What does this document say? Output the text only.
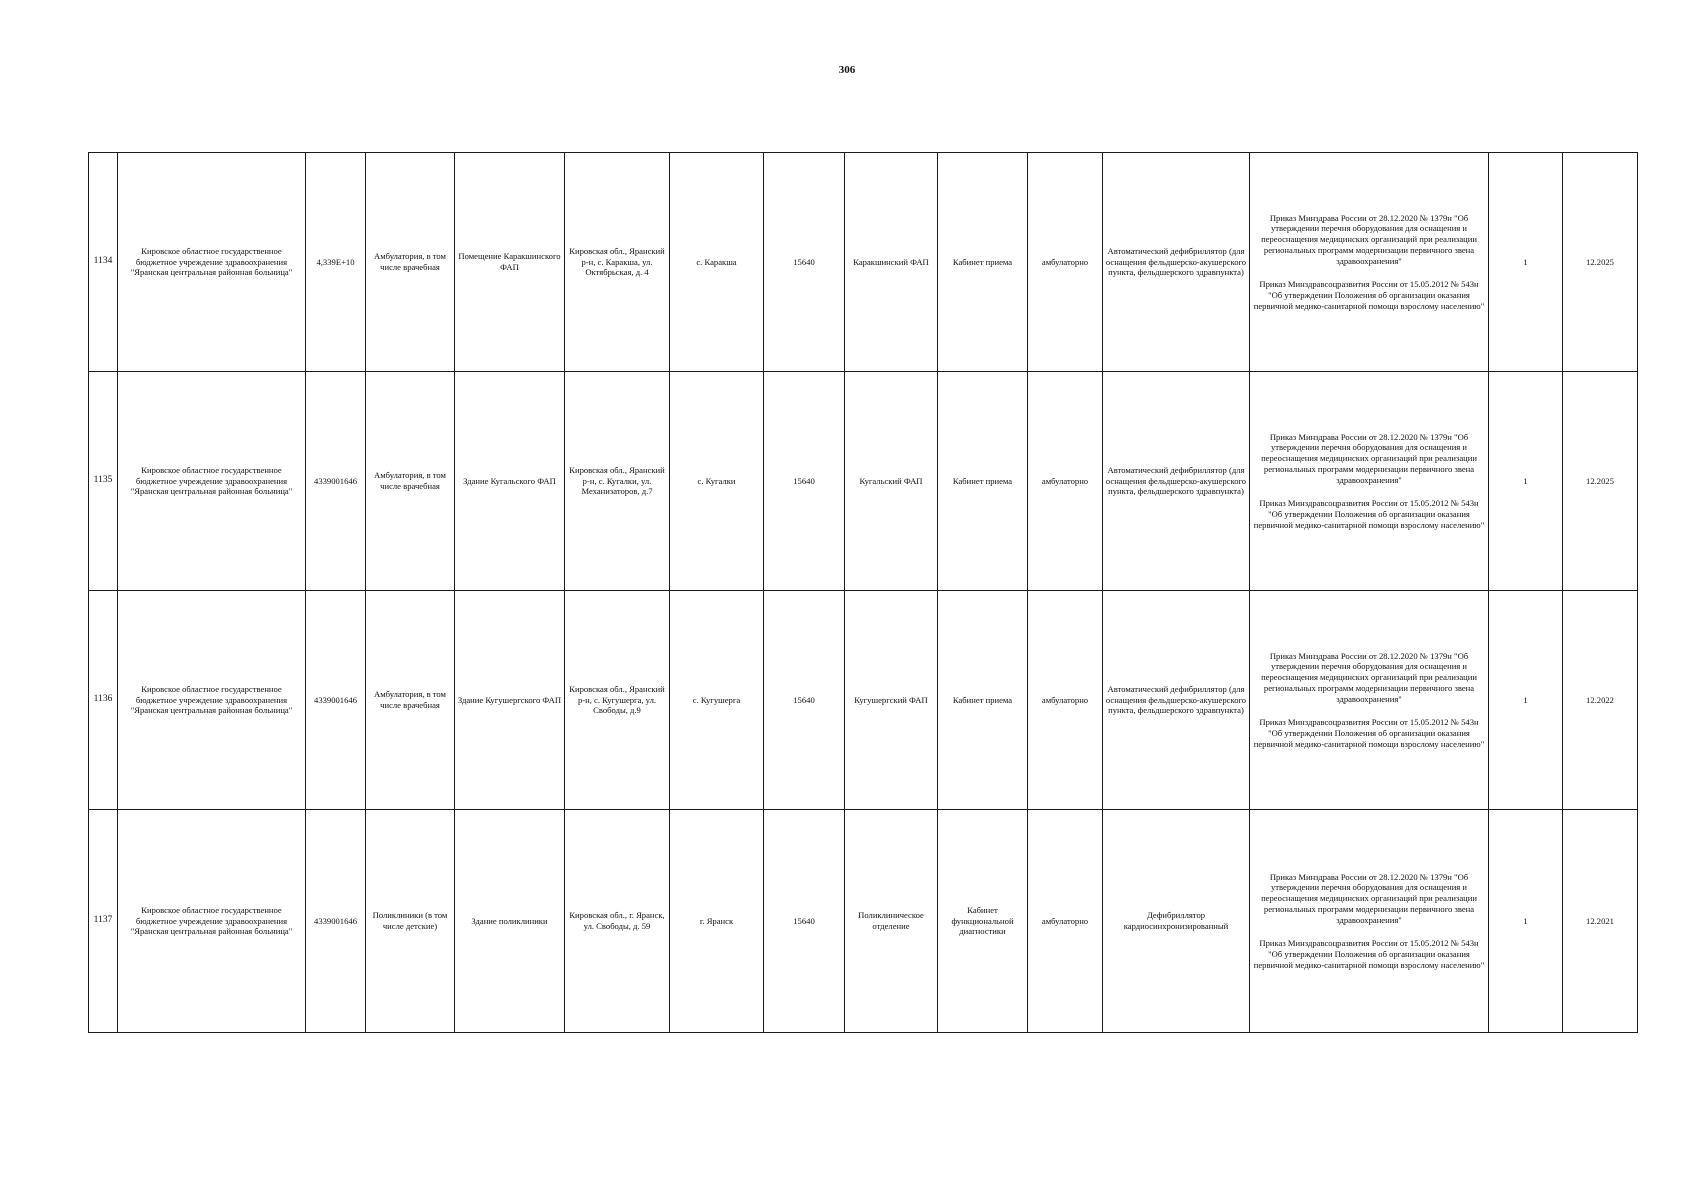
306
1134	Кировское областное государственное бюджетное учреждение здравоохранения "Яранская центральная районная больница"	4,339E+10	Амбулатория, в том числе врачебная	Помещение Каракшинского ФАП	Кировская обл., Яранский р-н, с. Каракша, ул. Октябрьская, д. 4	с. Каракша	15640	Каракшинский ФАП	Кабинет приема	амбулаторно	Автоматический дефибриллятор (для оснащения фельдшерско-акушерского пункта, фельдшерского здравпункта)	Приказ Минздрава России от 28.12.2020 № 1379н "Об утверждении перечня оборудования для оснащения и переоснащения медицинских организаций при реализации региональных программ модернизации первичного звена здравоохранения"

Приказ Минздравсоцразвития России от 15.05.2012 № 543н "Об утверждении Положения об организации оказания первичной медико-санитарной помощи взрослому населению"	1	12.2025
1135	Кировское областное государственное бюджетное учреждение здравоохранения "Яранская центральная районная больница"	4339001646	Амбулатория, в том числе врачебная	Здание Кугальского ФАП	Кировская обл., Яранский р-н, с. Кугалки, ул. Механизаторов, д.7	с. Кугалки	15640	Кугальский ФАП	Кабинет приема	амбулаторно	Автоматический дефибриллятор (для оснащения фельдшерско-акушерского пункта, фельдшерского здравпункта)	Приказ Минздрава России от 28.12.2020 № 1379н "Об утверждении перечня оборудования для оснащения и переоснащения медицинских организаций при реализации региональных программ модернизации первичного звена здравоохранения"

Приказ Минздравсоцразвития России от 15.05.2012 № 543н "Об утверждении Положения об организации оказания первичной медико-санитарной помощи взрослому населению"	1	12.2025
1136	Кировское областное государственное бюджетное учреждение здравоохранения "Яранская центральная районная больница"	4339001646	Амбулатория, в том числе врачебная	Здание Кугушергского ФАП	Кировская обл., Яранский р-н, с. Кугушерга, ул. Свободы, д.9	с. Кугушерга	15640	Кугушергский ФАП	Кабинет приема	амбулаторно	Автоматический дефибриллятор (для оснащения фельдшерско-акушерского пункта, фельдшерского здравпункта)	Приказ Минздрава России от 28.12.2020 № 1379н "Об утверждении перечня оборудования для оснащения и переоснащения медицинских организаций при реализации региональных программ модернизации первичного звена здравоохранения"

Приказ Минздравсоцразвития России от 15.05.2012 № 543н "Об утверждении Положения об организации оказания первичной медико-санитарной помощи взрослому населению"	1	12.2022
1137	Кировское областное государственное бюджетное учреждение здравоохранения "Яранская центральная районная больница"	4339001646	Поликлиники (в том числе детские)	Здание поликлиники	Кировская обл., г. Яранск, ул. Свободы, д. 59	г. Яранск	15640	Поликлиническое отделение	Кабинет функциональной диагностики	амбулаторно	Дефибриллятор кардиосинхронизированный	Приказ Минздрава России от 28.12.2020 № 1379н "Об утверждении перечня оборудования для оснащения и переоснащения медицинских организаций при реализации региональных программ модернизации первичного звена здравоохранения"

Приказ Минздравсоцразвития России от 15.05.2012 № 543н "Об утверждении Положения об организации оказания первичной медико-санитарной помощи взрослому населению"	1	12.2021
